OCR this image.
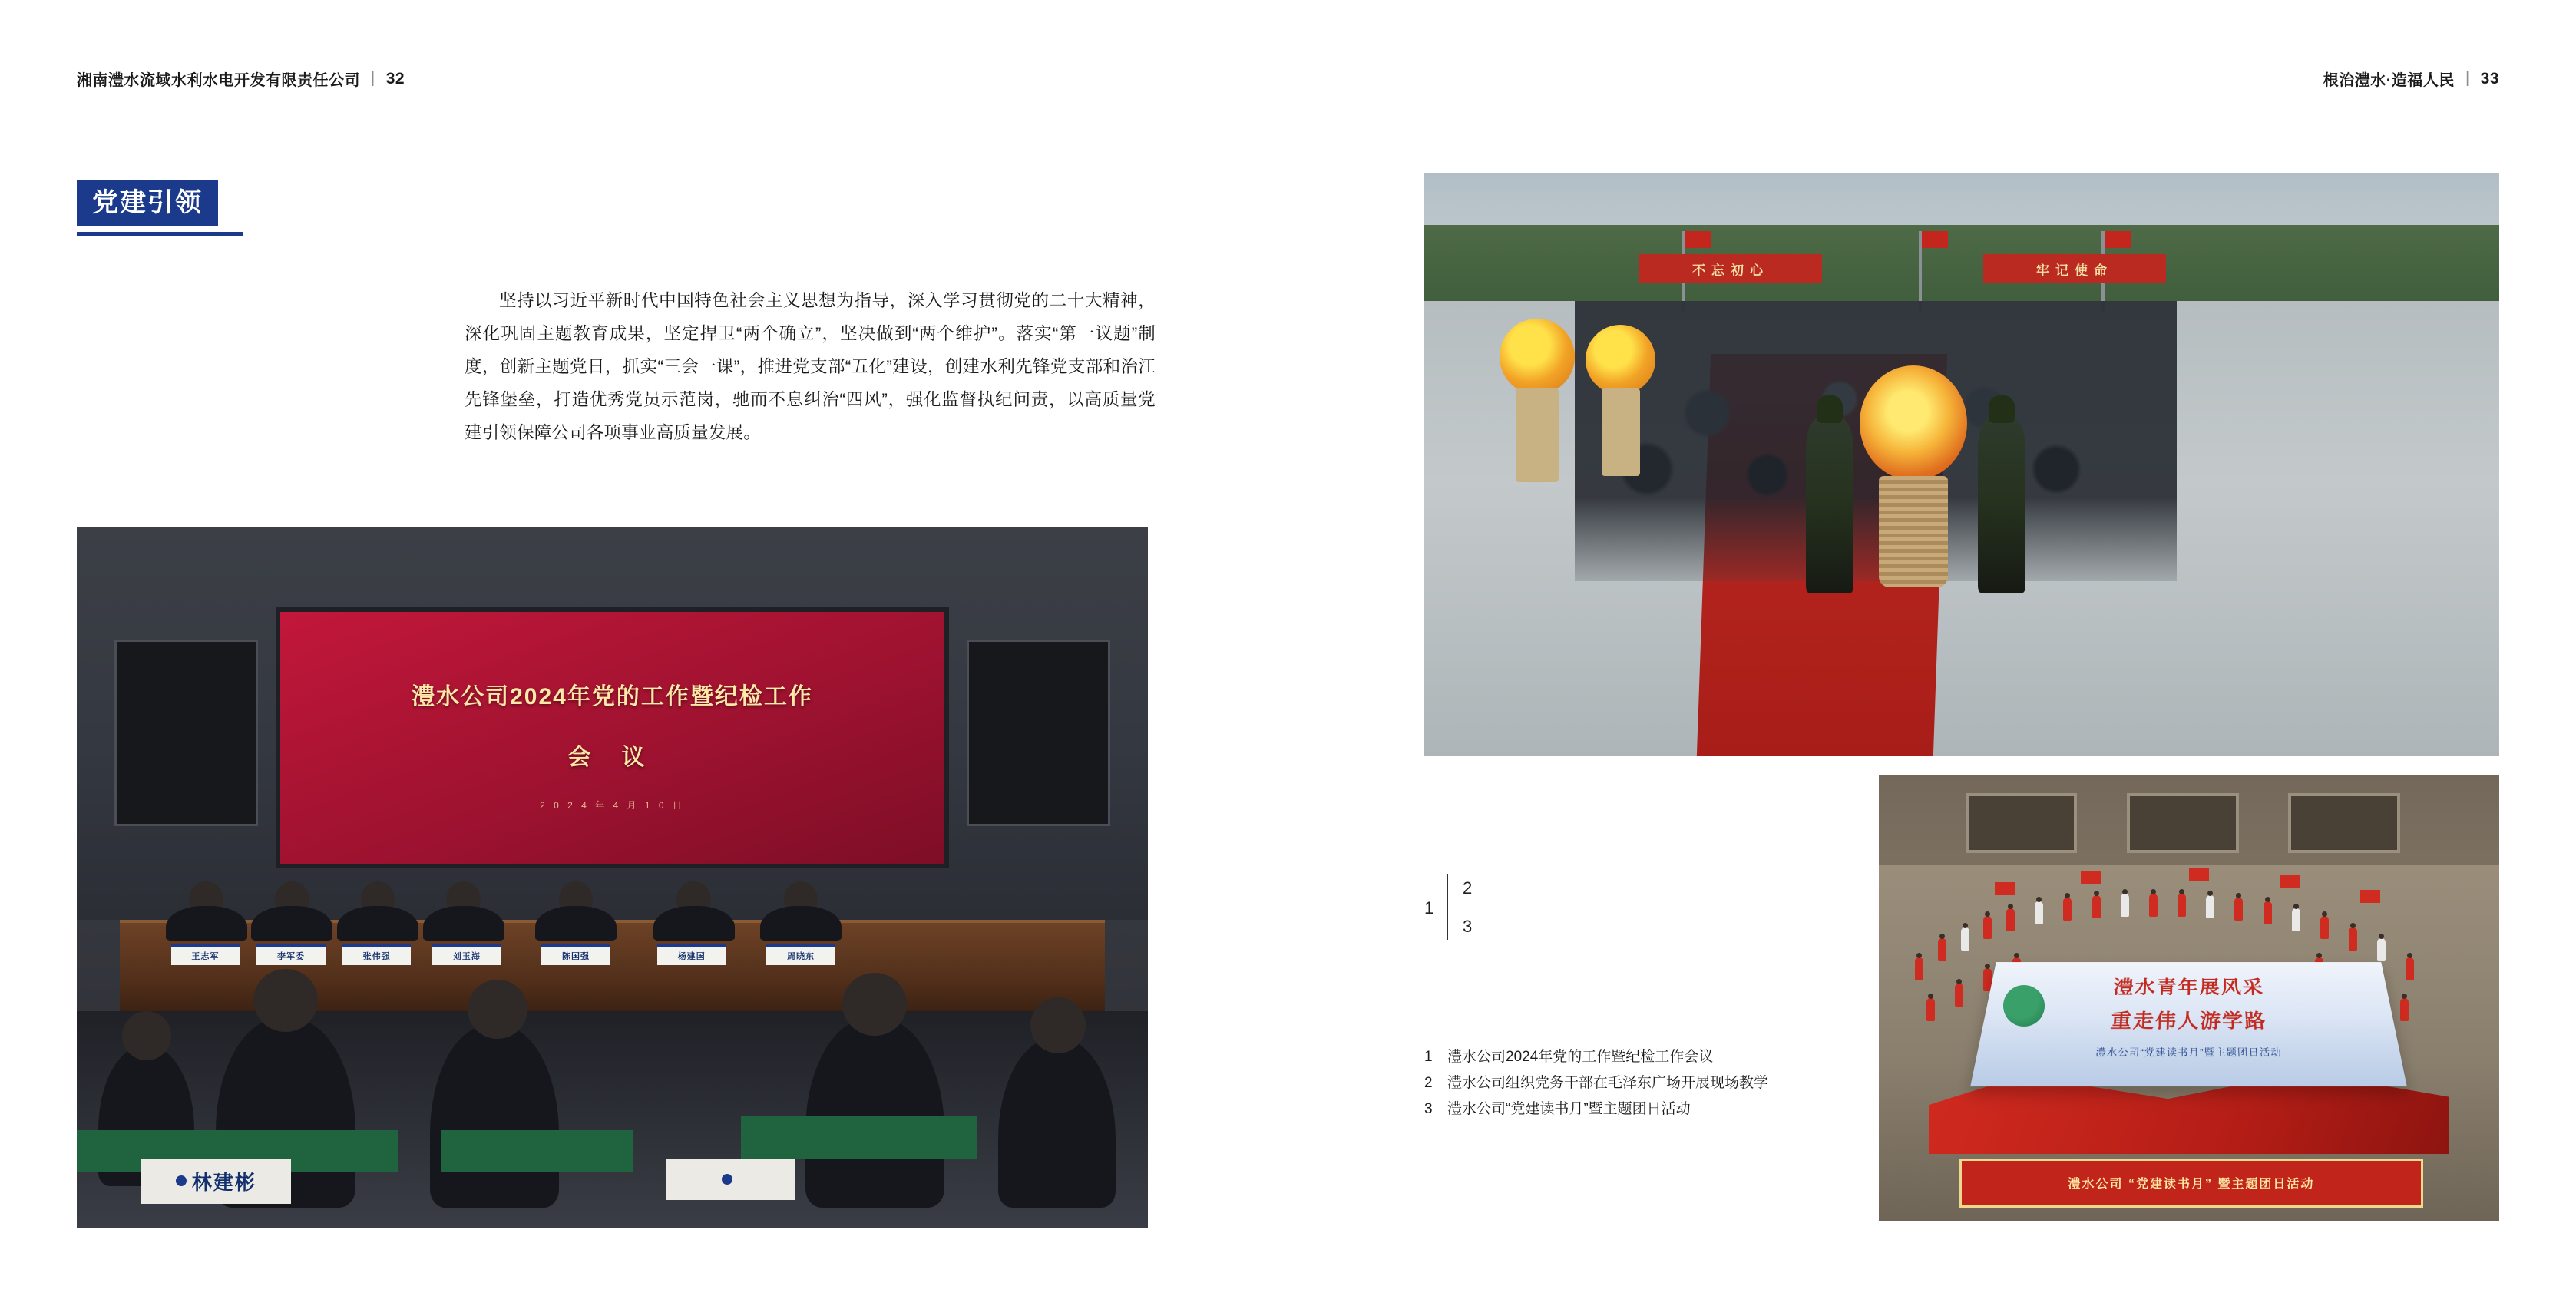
湘南澧水流域水利水电开发有限责任公司 | 32	根治澧水·造福人民 | 33
党建引领
坚持以习近平新时代中国特色社会主义思想为指导，深入学习贯彻党的二十大精神，深化巩固主题教育成果，坚定捍卫“两个确立”，坚决做到“两个维护”。落实“第一议题”制度，创新主题党日，抓实“三会一课”，推进党支部“五化”建设，创建水利先锋党支部和治江先锋堡垒，打造优秀党员示范岗，驰而不息纠治“四风”，强化监督执纪问责，以高质量党建引领保障公司各项事业高质量发展。
澧水公司2024年党的工作暨纪检工作
会 议
2 0 2 4 年 4 月 1 0 日
王志军	李军委	张伟强	刘玉海	陈国强	杨建国	周晓东
林建彬
不忘初心	牢记使命
澧水青年展风采
重走伟人游学路
澧水公司“党建读书月”暨主题团日活动
澧水公司 “党建读书月” 暨主题团日活动
1
2
3
1 澧水公司2024年党的工作暨纪检工作会议
2 澧水公司组织党务干部在毛泽东广场开展现场教学
3 澧水公司“党建读书月”暨主题团日活动
